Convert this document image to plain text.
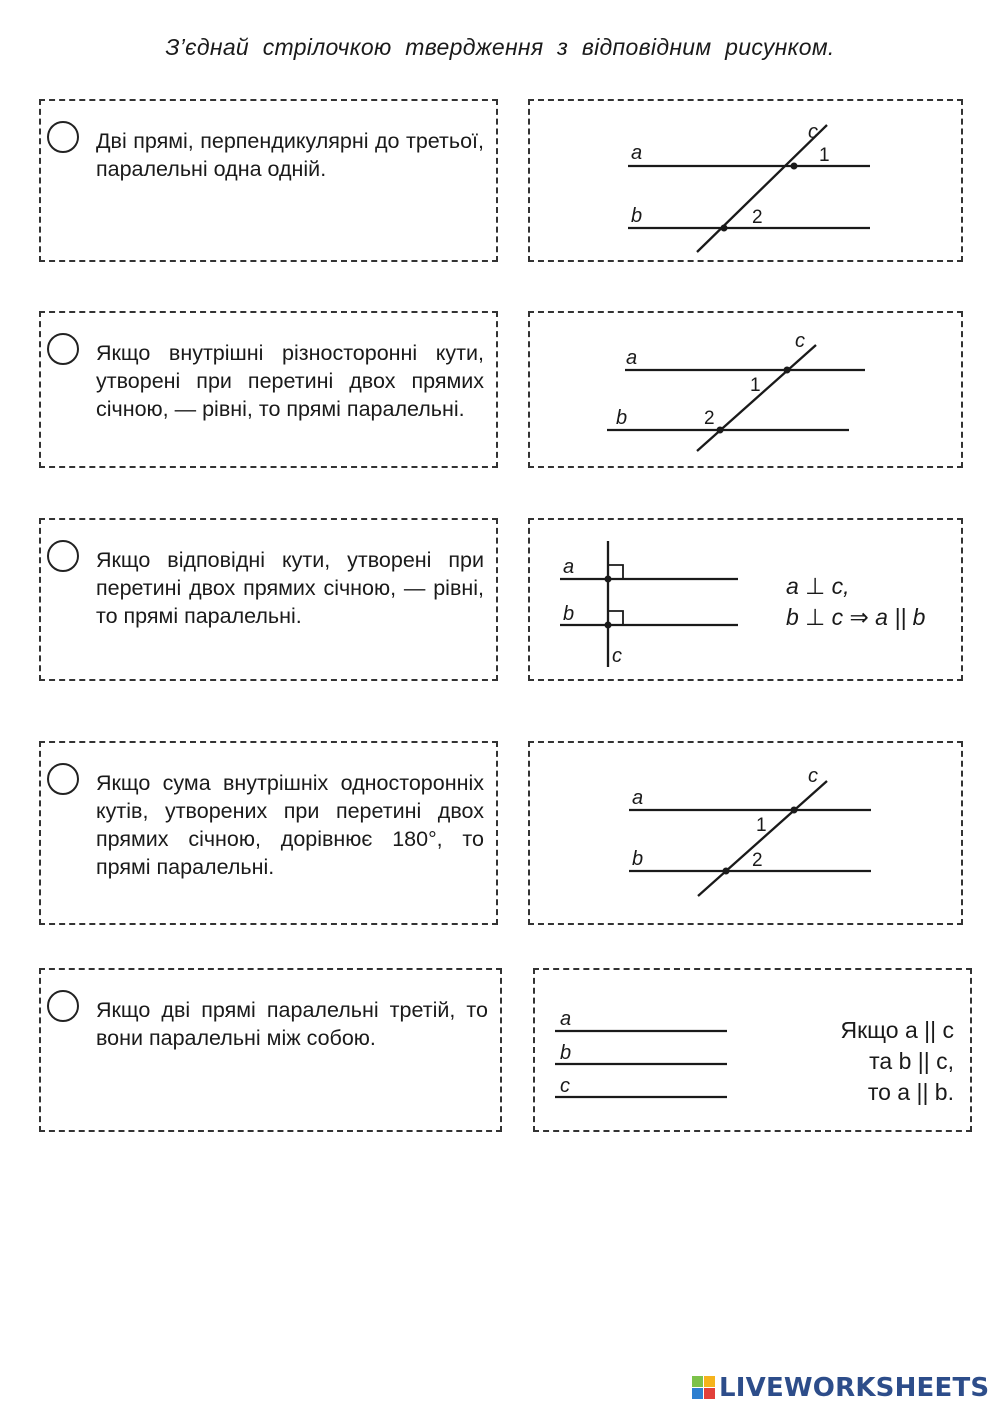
З’єднай стрілочкою твердження з відповідним рисунком.
Дві прямі, перпендикулярні до третьої, паралельні одна одній.
a
b
c
1
2
Якщо внутрішні різносторонні кути, утворені при перетині двох прямих січною, — рівні, то прямі паралельні.
a
b
c
1
2
Якщо відповідні кути, утворені при перетині двох прямих січною, — рівні, то прямі паралельні.
a
b
c
a ⊥ c,
b ⊥ c ⇒ a || b
Якщо сума внутрішніх односторонніх кутів, утворених при перетині двох прямих січною, дорівнює 180°, то прямі паралельні.
a
b
c
1
2
Якщо дві прямі паралельні третій, то вони паралельні між собою.
a
b
c
Якщо a || c
та b || c,
то a || b.
LIVEWORKSHEETS
